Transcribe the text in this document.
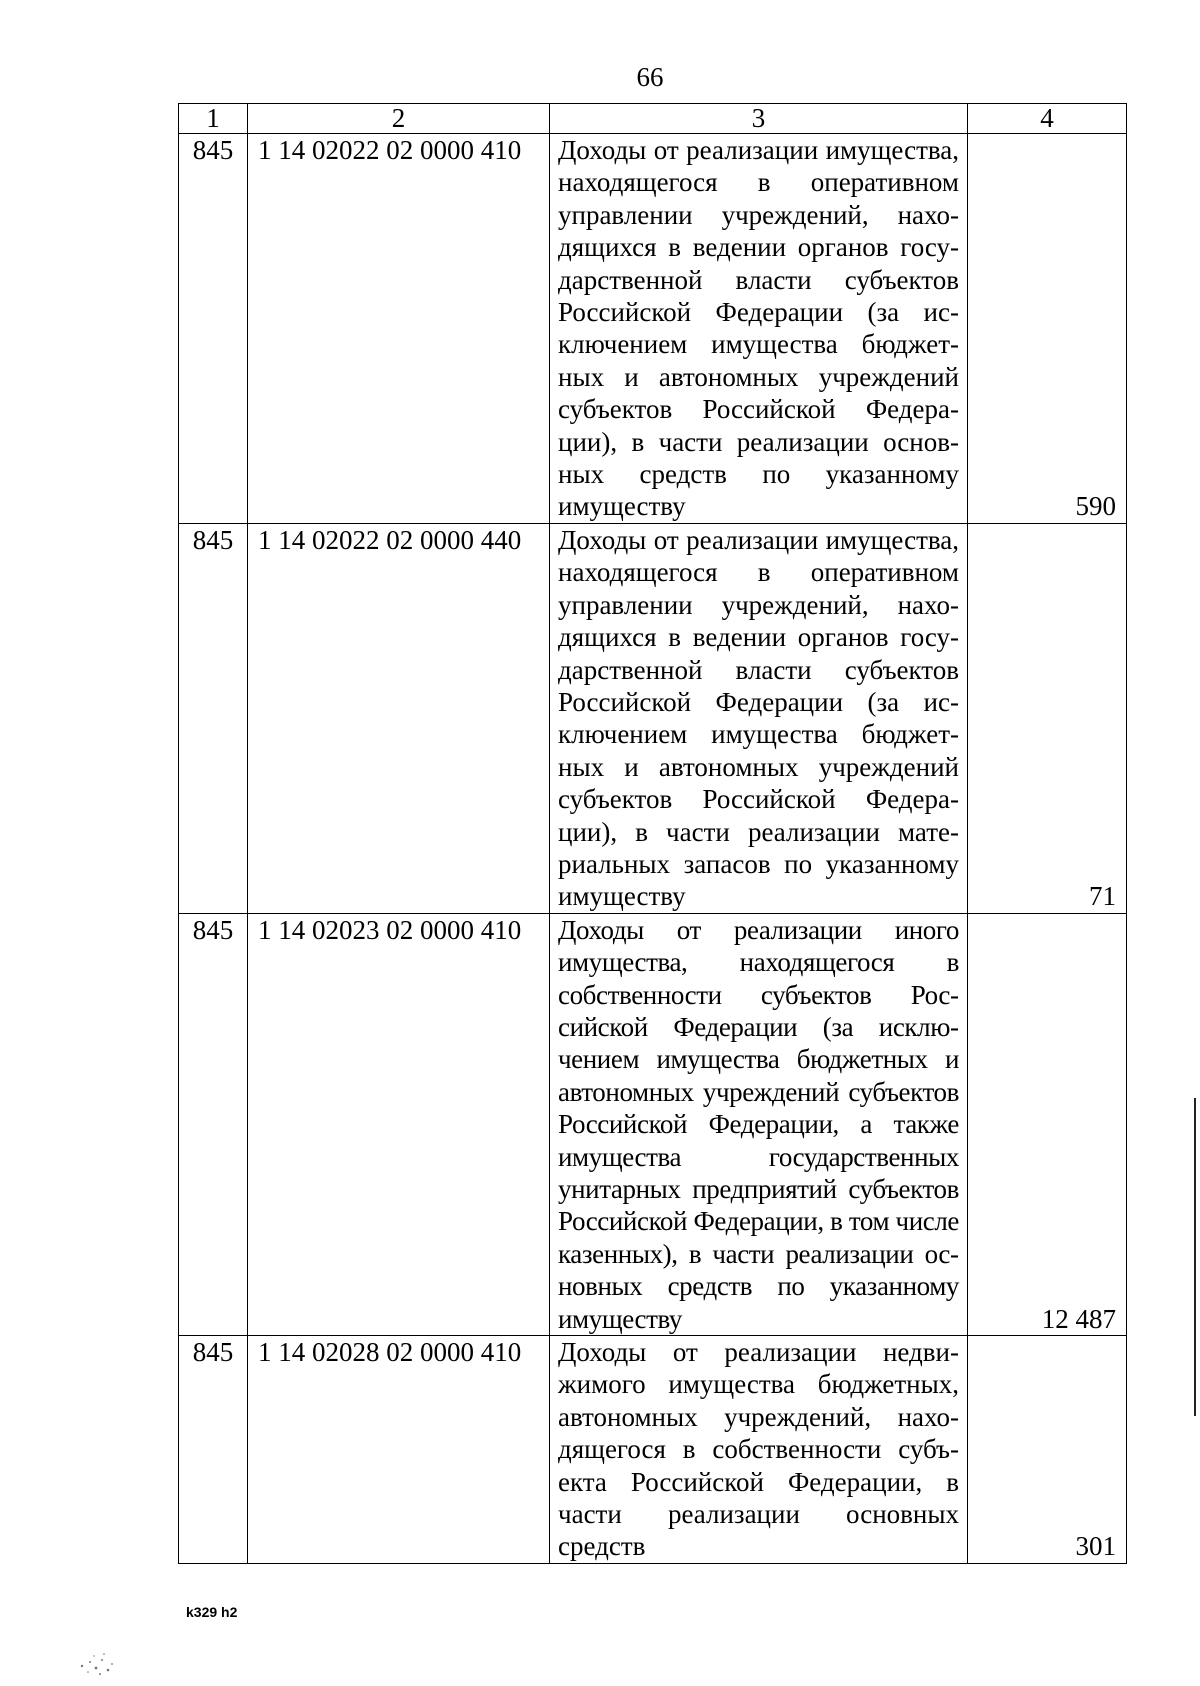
66
1	2	3	4
845	1 14 02022 02 0000 410	Доходы от реализации имущества, находящегося в оперативном управлении учреждений, находящихся в ведении органов государственной власти субъектов Российской Федерации (за исключением имущества бюджетных и автономных учреждений субъектов Российской Федерации), в части реализации основных средств по указанному имуществу	590
845	1 14 02022 02 0000 440	Доходы от реализации имущества, находящегося в оперативном управлении учреждений, находящихся в ведении органов государственной власти субъектов Российской Федерации (за исключением имущества бюджетных и автономных учреждений субъектов Российской Федерации), в части реализации материальных запасов по указанному имуществу	71
845	1 14 02023 02 0000 410	Доходы от реализации иного имущества, находящегося в собственности субъектов Российской Федерации (за исключением имущества бюджетных и автономных учреждений субъектов Российской Федерации, а также имущества государственных унитарных предприятий субъектов Российской Федерации, в том числе казенных), в части реализации основных средств по указанному имуществу	12 487
845	1 14 02028 02 0000 410	Доходы от реализации недвижимого имущества бюджетных, автономных учреждений, находящегося в собственности субъекта Российской Федерации, в части реализации основных средств	301
k329 h2
